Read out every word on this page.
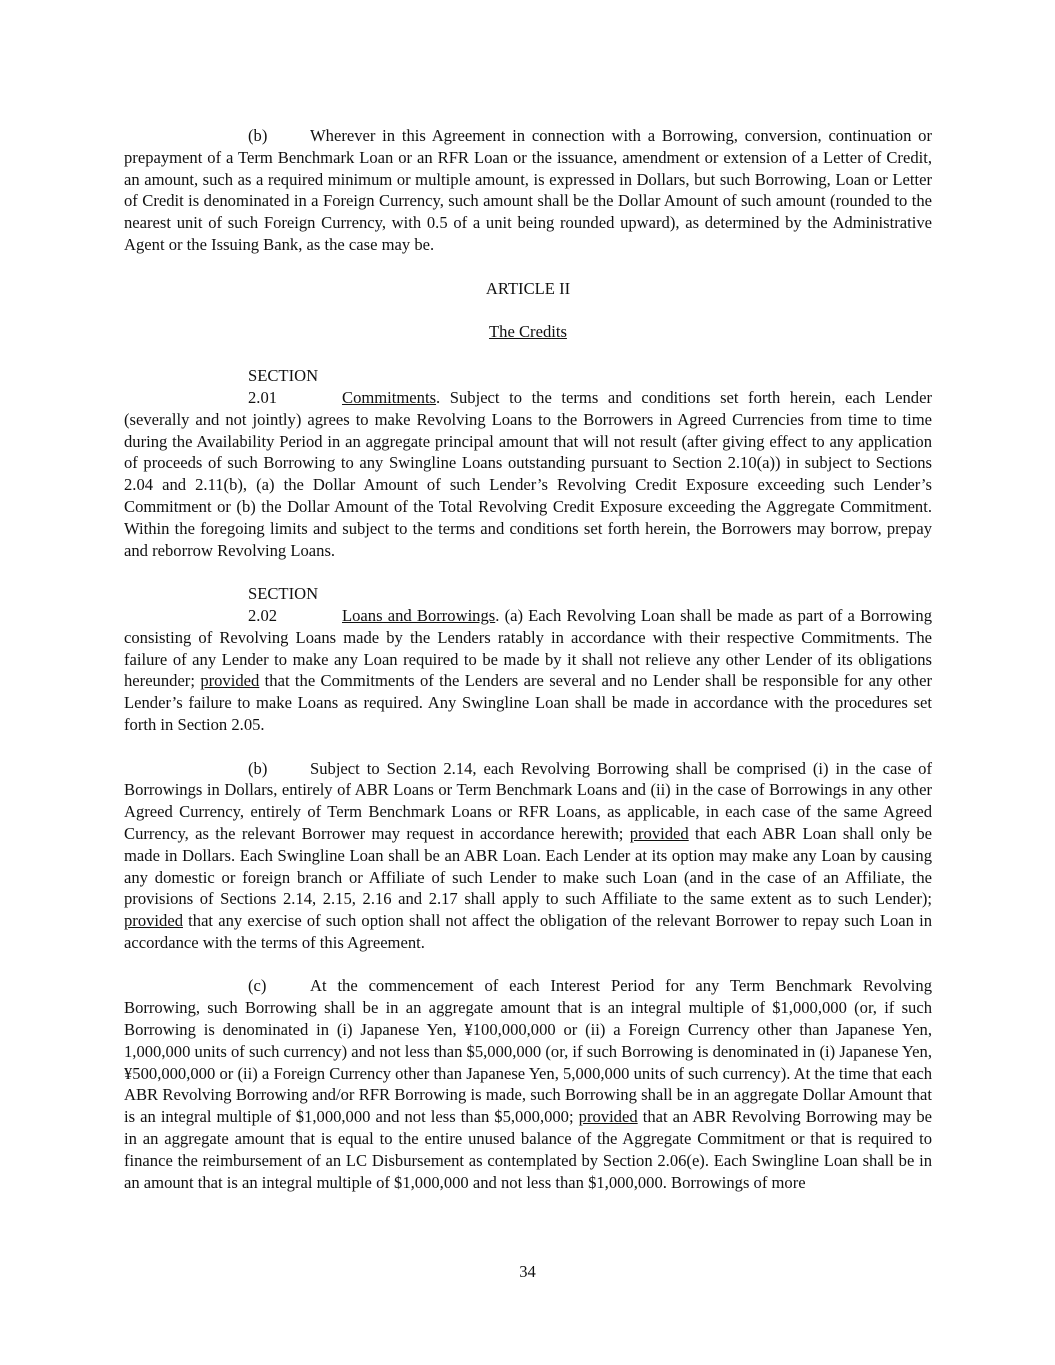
(b)	Wherever in this Agreement in connection with a Borrowing, conversion, continuation or prepayment of a Term Benchmark Loan or an RFR Loan or the issuance, amendment or extension of a Letter of Credit, an amount, such as a required minimum or multiple amount, is expressed in Dollars, but such Borrowing, Loan or Letter of Credit is denominated in a Foreign Currency, such amount shall be the Dollar Amount of such amount (rounded to the nearest unit of such Foreign Currency, with 0.5 of a unit being rounded upward), as determined by the Administrative Agent or the Issuing Bank, as the case may be.

ARTICLE II

The Credits

SECTION 2.01	Commitments. Subject to the terms and conditions set forth herein, each Lender (severally and not jointly) agrees to make Revolving Loans to the Borrowers in Agreed Currencies from time to time during the Availability Period in an aggregate principal amount that will not result (after giving effect to any application of proceeds of such Borrowing to any Swingline Loans outstanding pursuant to Section 2.10(a)) in subject to Sections 2.04 and 2.11(b), (a) the Dollar Amount of such Lender’s Revolving Credit Exposure exceeding such Lender’s Commitment or (b) the Dollar Amount of the Total Revolving Credit Exposure exceeding the Aggregate Commitment. Within the foregoing limits and subject to the terms and conditions set forth herein, the Borrowers may borrow, prepay and reborrow Revolving Loans.

SECTION 2.02	Loans and Borrowings. (a) Each Revolving Loan shall be made as part of a Borrowing consisting of Revolving Loans made by the Lenders ratably in accordance with their respective Commitments. The failure of any Lender to make any Loan required to be made by it shall not relieve any other Lender of its obligations hereunder; provided that the Commitments of the Lenders are several and no Lender shall be responsible for any other Lender’s failure to make Loans as required. Any Swingline Loan shall be made in accordance with the procedures set forth in Section 2.05.

(b)	Subject to Section 2.14, each Revolving Borrowing shall be comprised (i) in the case of Borrowings in Dollars, entirely of ABR Loans or Term Benchmark Loans and (ii) in the case of Borrowings in any other Agreed Currency, entirely of Term Benchmark Loans or RFR Loans, as applicable, in each case of the same Agreed Currency, as the relevant Borrower may request in accordance herewith; provided that each ABR Loan shall only be made in Dollars. Each Swingline Loan shall be an ABR Loan. Each Lender at its option may make any Loan by causing any domestic or foreign branch or Affiliate of such Lender to make such Loan (and in the case of an Affiliate, the provisions of Sections 2.14, 2.15, 2.16 and 2.17 shall apply to such Affiliate to the same extent as to such Lender); provided that any exercise of such option shall not affect the obligation of the relevant Borrower to repay such Loan in accordance with the terms of this Agreement.

(c)	At the commencement of each Interest Period for any Term Benchmark Revolving Borrowing, such Borrowing shall be in an aggregate amount that is an integral multiple of $1,000,000 (or, if such Borrowing is denominated in (i) Japanese Yen, ¥100,000,000 or (ii) a Foreign Currency other than Japanese Yen, 1,000,000 units of such currency) and not less than $5,000,000 (or, if such Borrowing is denominated in (i) Japanese Yen, ¥500,000,000 or (ii) a Foreign Currency other than Japanese Yen, 5,000,000 units of such currency). At the time that each ABR Revolving Borrowing and/or RFR Borrowing is made, such Borrowing shall be in an aggregate Dollar Amount that is an integral multiple of $1,000,000 and not less than $5,000,000; provided that an ABR Revolving Borrowing may be in an aggregate amount that is equal to the entire unused balance of the Aggregate Commitment or that is required to finance the reimbursement of an LC Disbursement as contemplated by Section 2.06(e). Each Swingline Loan shall be in an amount that is an integral multiple of $1,000,000 and not less than $1,000,000. Borrowings of more

34
